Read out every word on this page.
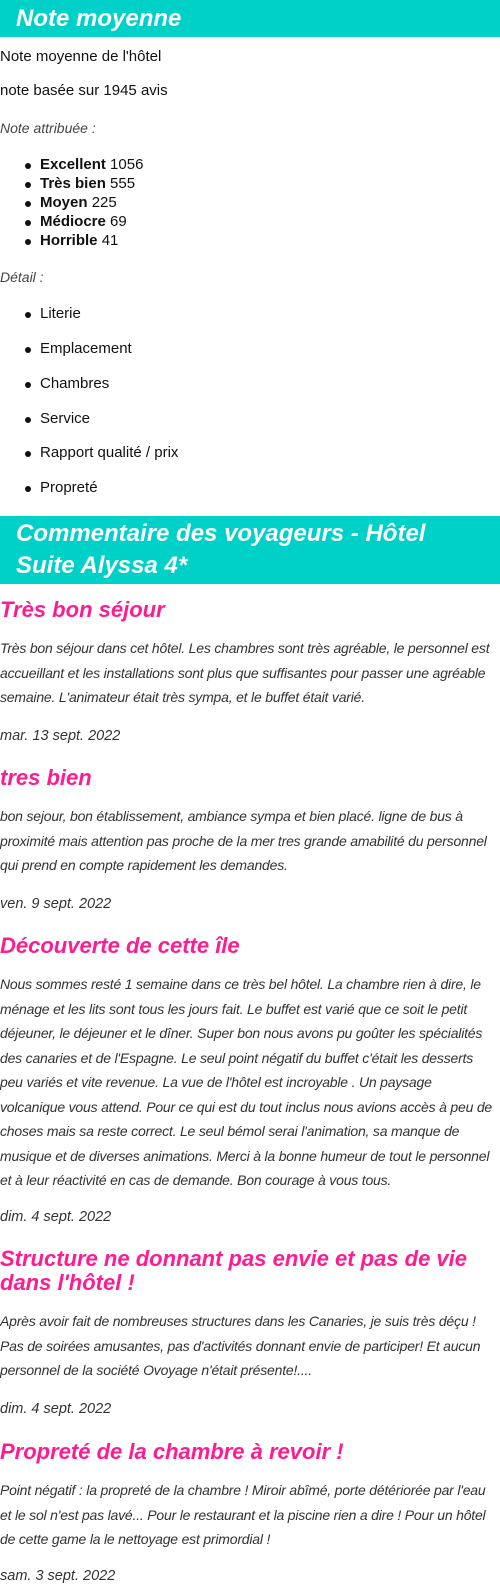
Note moyenne

Note moyenne de l'hôtel

note basée sur 1945 avis

Note attribuée :

Excellent 1056
Très bien 555
Moyen 225
Médiocre 69
Horrible 41

Détail :

Literie
Emplacement
Chambres
Service
Rapport qualité / prix
Propreté
Commentaire des voyageurs - Hôtel Suite Alyssa 4*
Très bon séjour

Très bon séjour dans cet hôtel. Les chambres sont très agréable, le personnel est accueillant et les installations sont plus que suffisantes pour passer une agréable semaine. L'animateur était très sympa, et le buffet était varié.

mar. 13 sept. 2022

tres bien

bon sejour, bon établissement, ambiance sympa et bien placé. ligne de bus à proximité mais attention pas proche de la mer tres grande amabilité du personnel qui prend en compte rapidement les demandes.

ven. 9 sept. 2022

Découverte de cette île

Nous sommes resté 1 semaine dans ce très bel hôtel. La chambre rien à dire, le ménage et les lits sont tous les jours fait. Le buffet est varié que ce soit le petit déjeuner, le déjeuner et le dîner. Super bon nous avons pu goûter les spécialités des canaries et de l'Espagne. Le seul point négatif du buffet c'était les desserts peu variés et vite revenue. La vue de l'hôtel est incroyable . Un paysage volcanique vous attend. Pour ce qui est du tout inclus nous avions accès à peu de choses mais sa reste correct. Le seul bémol serai l'animation, sa manque de musique et de diverses animations. Merci à la bonne humeur de tout le personnel et à leur réactivité en cas de demande. Bon courage à vous tous.

dim. 4 sept. 2022

Structure ne donnant pas envie et pas de vie dans l'hôtel !

Après avoir fait de nombreuses structures dans les Canaries, je suis très déçu ! Pas de soirées amusantes, pas d'activités donnant envie de participer! Et aucun personnel de la société Ovoyage n'était présente!....

dim. 4 sept. 2022

Propreté de la chambre à revoir !

Point négatif : la propreté de la chambre ! Miroir abîmé, porte détériorée par l'eau et le sol n'est pas lavé... Pour le restaurant et la piscine rien a dire ! Pour un hôtel de cette game la le nettoyage est primordial !

sam. 3 sept. 2022
